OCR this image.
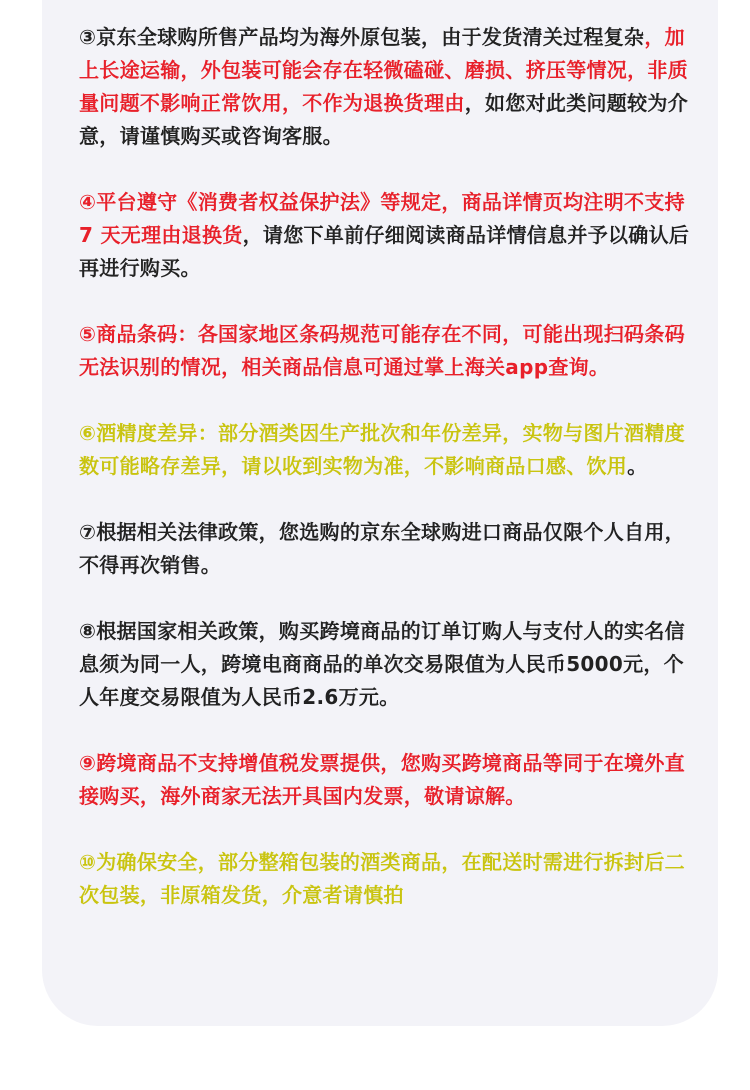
③京东全球购所售产品均为海外原包装，由于发货清关过程复杂，加上长途运输，外包装可能会存在轻微磕碰、磨损、挤压等情况，非质量问题不影响正常饮用，不作为退换货理由，如您对此类问题较为介意，请谨慎购买或咨询客服。

④平台遵守《消费者权益保护法》等规定，商品详情页均注明不支持7 天无理由退换货，请您下单前仔细阅读商品详情信息并予以确认后再进行购买。

⑤商品条码：各国家地区条码规范可能存在不同，可能出现扫码条码无法识别的情况，相关商品信息可通过掌上海关app查询。

⑥酒精度差异：部分酒类因生产批次和年份差异，实物与图片酒精度数可能略存差异，请以收到实物为准，不影响商品口感、饮用。

⑦根据相关法律政策，您选购的京东全球购进口商品仅限个人自用，不得再次销售。

⑧根据国家相关政策，购买跨境商品的订单订购人与支付人的实名信息须为同一人，跨境电商商品的单次交易限值为人民币5000元，个人年度交易限值为人民币2.6万元。

⑨跨境商品不支持增值税发票提供，您购买跨境商品等同于在境外直接购买，海外商家无法开具国内发票，敬请谅解。

⑩为确保安全，部分整箱包装的酒类商品，在配送时需进行拆封后二次包装，非原箱发货，介意者请慎拍
